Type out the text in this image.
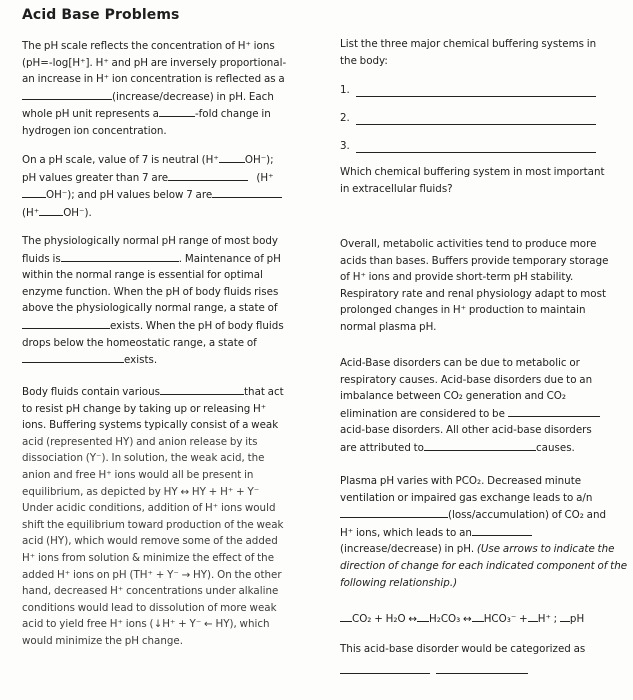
Acid Base Problems
The pH scale reflects the concentration of H⁺ ions
(pH=-log[H⁺]. H⁺ and pH are inversely proportional-
an increase in H⁺ ion concentration is reflected as a
(increase/decrease) in pH. Each
whole pH unit represents a	-fold change in
hydrogen ion concentration.
On a pH scale, value of 7 is neutral (H⁺	OH⁻);
pH values greater than 7 are	(H⁺
OH⁻); and pH values below 7 are
(H⁺ OH⁻).
The physiologically normal pH range of most body
fluids is	. Maintenance of pH
within the normal range is essential for optimal
enzyme function. When the pH of body fluids rises
above the physiologically normal range, a state of
exists. When the pH of body fluids
drops below the homeostatic range, a state of
exists.
Body fluids contain various	that act
to resist pH change by taking up or releasing H⁺
ions. Buffering systems typically consist of a weak
acid (represented HY) and anion release by its
dissociation (Y⁻). In solution, the weak acid, the
anion and free H⁺ ions would all be present in
equilibrium, as depicted by HY ↔ HY + H⁺ + Y⁻
Under acidic conditions, addition of H⁺ ions would
shift the equilibrium toward production of the weak
acid (HY), which would remove some of the added
H⁺ ions from solution & minimize the effect of the
added H⁺ ions on pH (TH⁺ + Y⁻ → HY). On the other
hand, decreased H⁺ concentrations under alkaline
conditions would lead to dissolution of more weak
acid to yield free H⁺ ions (↓H⁺ + Y⁻ ← HY), which
would minimize the pH change.
List the three major chemical buffering systems in
the body:
1.
2.
3.
Which chemical buffering system in most important
in extracellular fluids?
Overall, metabolic activities tend to produce more
acids than bases. Buffers provide temporary storage
of H⁺ ions and provide short-term pH stability.
Respiratory rate and renal physiology adapt to most
prolonged changes in H⁺ production to maintain
normal plasma pH.
Acid-Base disorders can be due to metabolic or
respiratory causes. Acid-base disorders due to an
imbalance between CO₂ generation and CO₂
elimination are considered to be
acid-base disorders. All other acid-base disorders
are attributed to	causes.
Plasma pH varies with PCO₂. Decreased minute
ventilation or impaired gas exchange leads to a/n
(loss/accumulation) of CO₂ and
H⁺ ions, which leads to an
(increase/decrease) in pH. (Use arrows to indicate the
direction of change for each indicated component of the
following relationship.)
CO₂ + H₂O ↔ H₂CO₃ ↔ HCO₃⁻ + H⁺ ; pH
This acid-base disorder would be categorized as
